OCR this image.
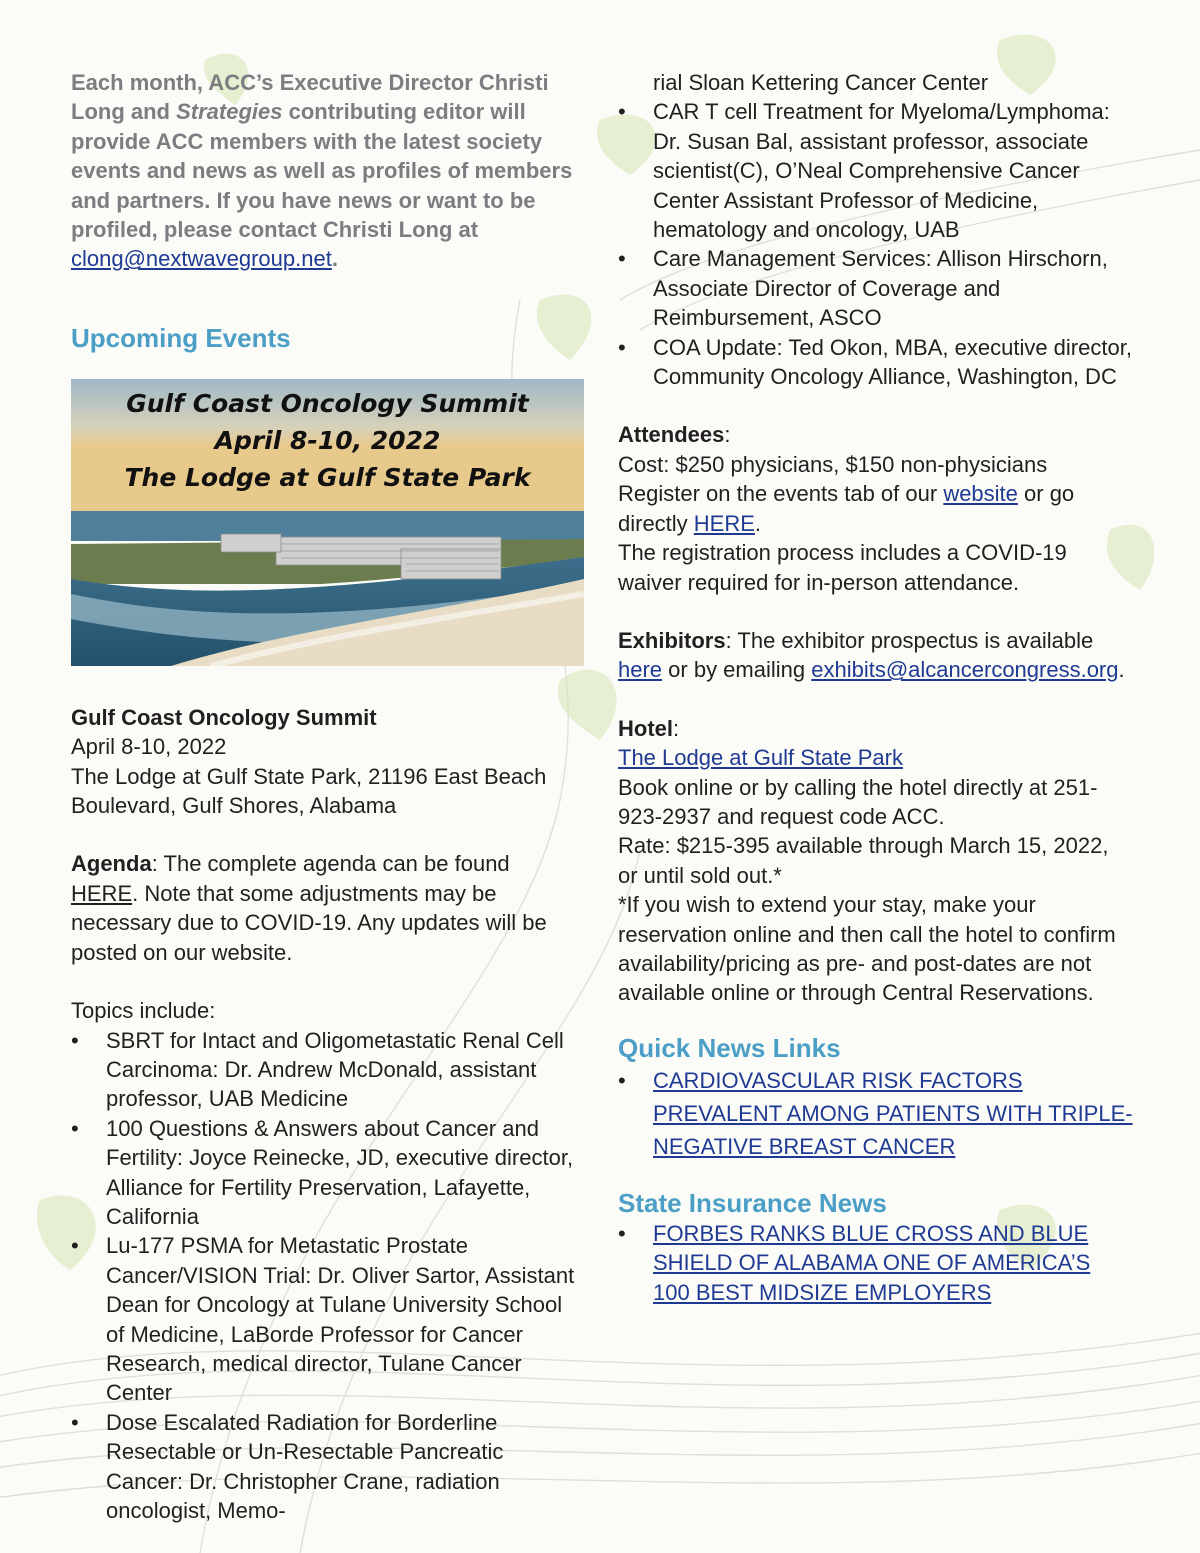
Each month, ACC’s Executive Director Christi Long and Strategies contributing editor will provide ACC members with the latest society events and news as well as profiles of members and partners. If you have news or want to be profiled, please contact Christi Long at clong@nextwavegroup.net.

Upcoming Events
Gulf Coast Oncology Summit
April 8-10, 2022
The Lodge at Gulf State Park

Gulf Coast Oncology Summit

April 8-10, 2022

The Lodge at Gulf State Park, 21196 East Beach Boulevard, Gulf Shores, Alabama

Agenda: The complete agenda can be found HERE. Note that some adjustments may be necessary due to COVID-19. Any updates will be posted on our website.

Topics include:

• SBRT for Intact and Oligometastatic Renal Cell Carcinoma: Dr. Andrew McDonald, assistant professor, UAB Medicine
• 100 Questions & Answers about Cancer and Fertility: Joyce Reinecke, JD, executive director, Alliance for Fertility Preservation, Lafayette, California
• Lu-177 PSMA for Metastatic Prostate Cancer/VISION Trial: Dr. Oliver Sartor, Assistant Dean for Oncology at Tulane University School of Medicine, LaBorde Professor for Cancer Research, medical director, Tulane Cancer Center
• Dose Escalated Radiation for Borderline Resectable or Un-Resectable Pancreatic Cancer: Dr. Christopher Crane, radiation oncologist, Memo-

rial Sloan Kettering Cancer Center

• CAR T cell Treatment for Myeloma/Lymphoma: Dr. Susan Bal, assistant professor, associate scientist(C), O’Neal Comprehensive Cancer Center Assistant Professor of Medicine, hematology and oncology, UAB
• Care Management Services: Allison Hirschorn, Associate Director of Coverage and Reimbursement, ASCO
• COA Update: Ted Okon, MBA, executive director, Community Oncology Alliance, Washington, DC

Attendees:

Cost: $250 physicians, $150 non-physicians

Register on the events tab of our website or go directly HERE.

The registration process includes a COVID-19 waiver required for in-person attendance.

Exhibitors: The exhibitor prospectus is available here or by emailing exhibits@alcancercongress.org.

Hotel:

The Lodge at Gulf State Park

Book online or by calling the hotel directly at 251-923-2937 and request code ACC.

Rate: $215-395 available through March 15, 2022, or until sold out.*

*If you wish to extend your stay, make your reservation online and then call the hotel to confirm availability/pricing as pre- and post-dates are not available online or through Central Reservations.

Quick News Links
• CARDIOVASCULAR RISK FACTORS PREVALENT AMONG PATIENTS WITH TRIPLE-NEGATIVE BREAST CANCER
State Insurance News
• FORBES RANKS BLUE CROSS AND BLUE SHIELD OF ALABAMA ONE OF AMERICA’S 100 BEST MIDSIZE EMPLOYERS
